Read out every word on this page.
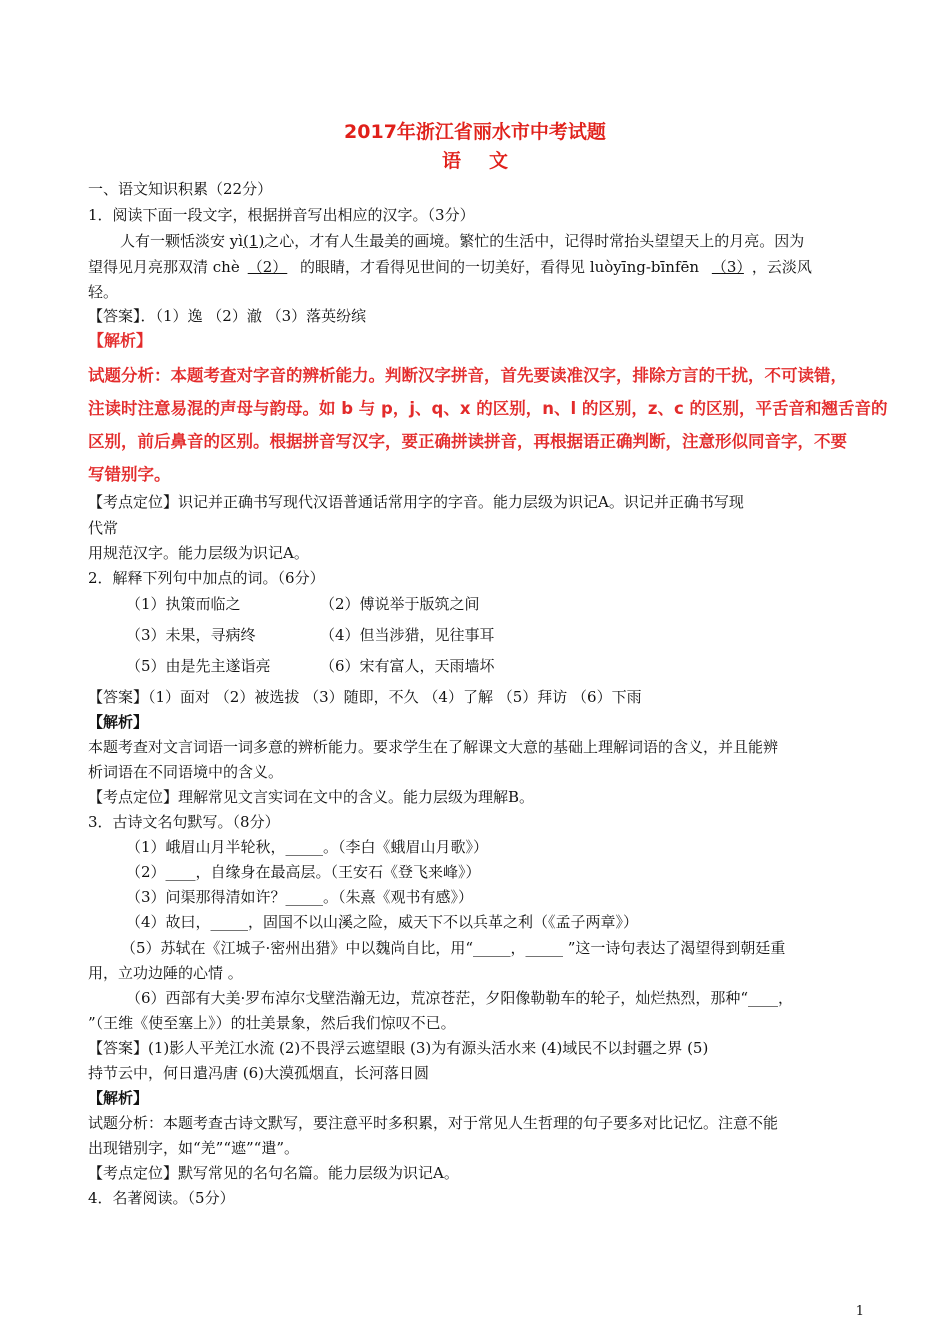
2017年浙江省丽水市中考试题
语文
一、语文知识积累（22分）
1．阅读下面一段文字，根据拼音写出相应的汉字。（3分）
人有一颗恬淡安 yì(1)之心，才有人生最美的画境。繁忙的生活中，记得时常抬头望望天上的月亮。因为
望得见月亮那双清 chè （2） 的眼睛，才看得见世间的一切美好，看得见 luòyīng-bīnfēn （3） ，云淡风
轻。
【答案】．（1）逸 （2）澈 （3）落英纷缤
【解析】
试题分析：本题考查对字音的辨析能力。判断汉字拼音，首先要读准汉字，排除方言的干扰，不可读错，
注读时注意易混的声母与韵母。如 b 与 p，j、q、x 的区别，n、l 的区别，z、c 的区别，平舌音和翘舌音的
区别，前后鼻音的区别。根据拼音写汉字，要正确拼读拼音，再根据语正确判断，注意形似同音字，不要
写错别字。
【考点定位】识记并正确书写现代汉语普通话常用字的字音。能力层级为识记A。识记并正确书写现
代常
用规范汉字。能力层级为识记A。
2．解释下列句中加点的词。（6分）
（1）执策而临之	（2）傅说举于版筑之间
（3）未果，寻病终	（4）但当涉猎，见往事耳
（5）由是先主遂诣亮	（6）宋有富人，天雨墙坏
【答案】（1）面对 （2）被选拔 （3）随即，不久 （4）了解 （5）拜访 （6）下雨
【解析】
本题考查对文言词语一词多意的辨析能力。要求学生在了解课文大意的基础上理解词语的含义，并且能辨
析词语在不同语境中的含义。
【考点定位】理解常见文言实词在文中的含义。能力层级为理解B。
3．古诗文名句默写。（8分）
（1）峨眉山月半轮秋，_____。（李白《蛾眉山月歌》）
（2）____，自缘身在最高层。（王安石《登飞来峰》）
（3）问渠那得清如许？_____。（朱熹《观书有感》）
（4）故曰，_____，固国不以山溪之险，威天下不以兵革之利（《孟子两章》）
（5）苏轼在《江城子·密州出猎》中以魏尚自比，用“_____，_____ ”这一诗句表达了渴望得到朝廷重
用，立功边陲的心情 。
（6）西部有大美·罗布淖尔戈壁浩瀚无边，荒凉苍茫，夕阳像勒勒车的轮子，灿烂热烈，那种“____，
”（王维《使至塞上》）的壮美景象，然后我们惊叹不已。
【答案】(1)影人平羌江水流 (2)不畏浮云遮望眼 (3)为有源头活水来 (4)域民不以封疆之界 (5)
持节云中，何日遣冯唐 (6)大漠孤烟直，长河落日圆
【解析】
试题分析：本题考查古诗文默写，要注意平时多积累，对于常见人生哲理的句子要多对比记忆。注意不能
出现错别字，如“羌”“遮”“遣”。
【考点定位】默写常见的名句名篇。能力层级为识记A。
4．名著阅读。（5分）
1
